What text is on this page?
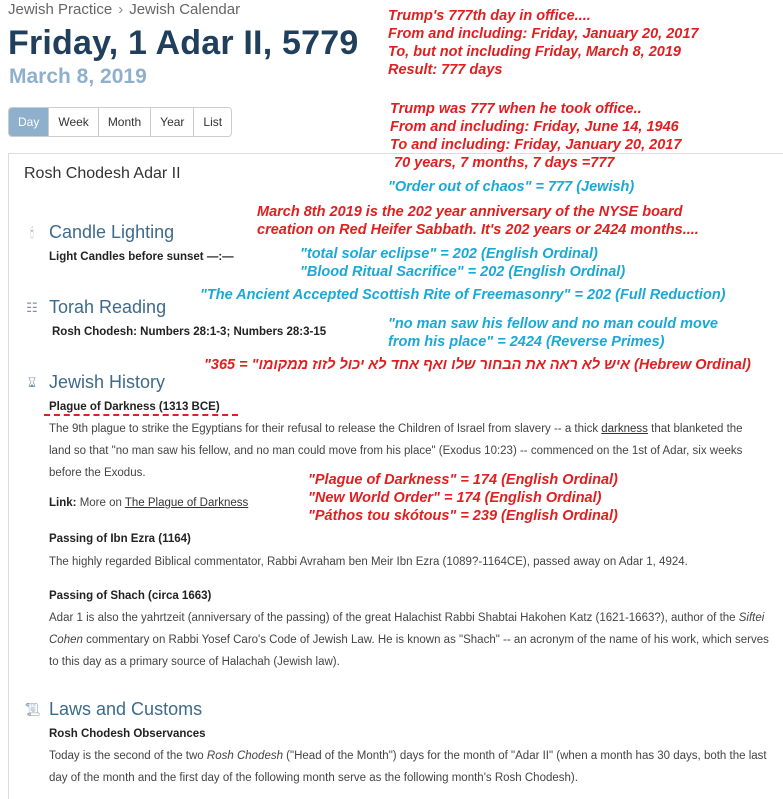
Jewish Practice › Jewish Calendar
Friday, 1 Adar II, 5779
March 8, 2019
Day	Week	Month	Year	List
Rosh Chodesh Adar II
🕯︎ Candle Lighting
Light Candles before sunset —:—
☷ Torah Reading
Rosh Chodesh: Numbers 28:1-3; Numbers 28:3-15
⌛︎ Jewish History
Plague of Darkness (1313 BCE)
The 9th plague to strike the Egyptians for their refusal to release the Children of Israel from slavery -- a thick darkness that blanketed the land so that "no man saw his fellow, and no man could move from his place" (Exodus 10:23) -- commenced on the 1st of Adar, six weeks before the Exodus.
Link: More on The Plague of Darkness
Passing of Ibn Ezra (1164)
The highly regarded Biblical commentator, Rabbi Avraham ben Meir Ibn Ezra (1089?-1164CE), passed away on Adar 1, 4924.
Passing of Shach (circa 1663)
Adar 1 is also the yahrtzeit (anniversary of the passing) of the great Halachist Rabbi Shabtai Hakohen Katz (1621-1663?), author of the Siftei Cohen commentary on Rabbi Yosef Caro's Code of Jewish Law. He is known as "Shach" -- an acronym of the name of his work, which serves to this day as a primary source of Halachah (Jewish law).
📜︎ Laws and Customs
Rosh Chodesh Observances
Today is the second of the two Rosh Chodesh ("Head of the Month") days for the month of "Adar II" (when a month has 30 days, both the last day of the month and the first day of the following month serve as the following month's Rosh Chodesh).
Trump's 777th day in office....
From and including: Friday, January 20, 2017
To, but not including Friday, March 8, 2019
Result: 777 days
Trump was 777 when he took office..
From and including: Friday, June 14, 1946
To and including: Friday, January 20, 2017
70 years, 7 months, 7 days =777
"Order out of chaos" = 777 (Jewish)
March 8th 2019 is the 202 year anniversary of the NYSE board
creation on Red Heifer Sabbath. It's 202 years or 2424 months....
"total solar eclipse" = 202 (English Ordinal)
"Blood Ritual Sacrifice" = 202 (English Ordinal)
"The Ancient Accepted Scottish Rite of Freemasonry" = 202 (Full Reduction)
"no man saw his fellow and no man could move
from his place" = 2424 (Reverse Primes)
"איש לא ראה את הבחור שלו ואף אחד לא יכול לזוז ממקומו" = 365 (Hebrew Ordinal)
"Plague of Darkness" = 174 (English Ordinal)
"New World Order" = 174 (English Ordinal)
"Páthos tou skótous" = 239 (English Ordinal)
